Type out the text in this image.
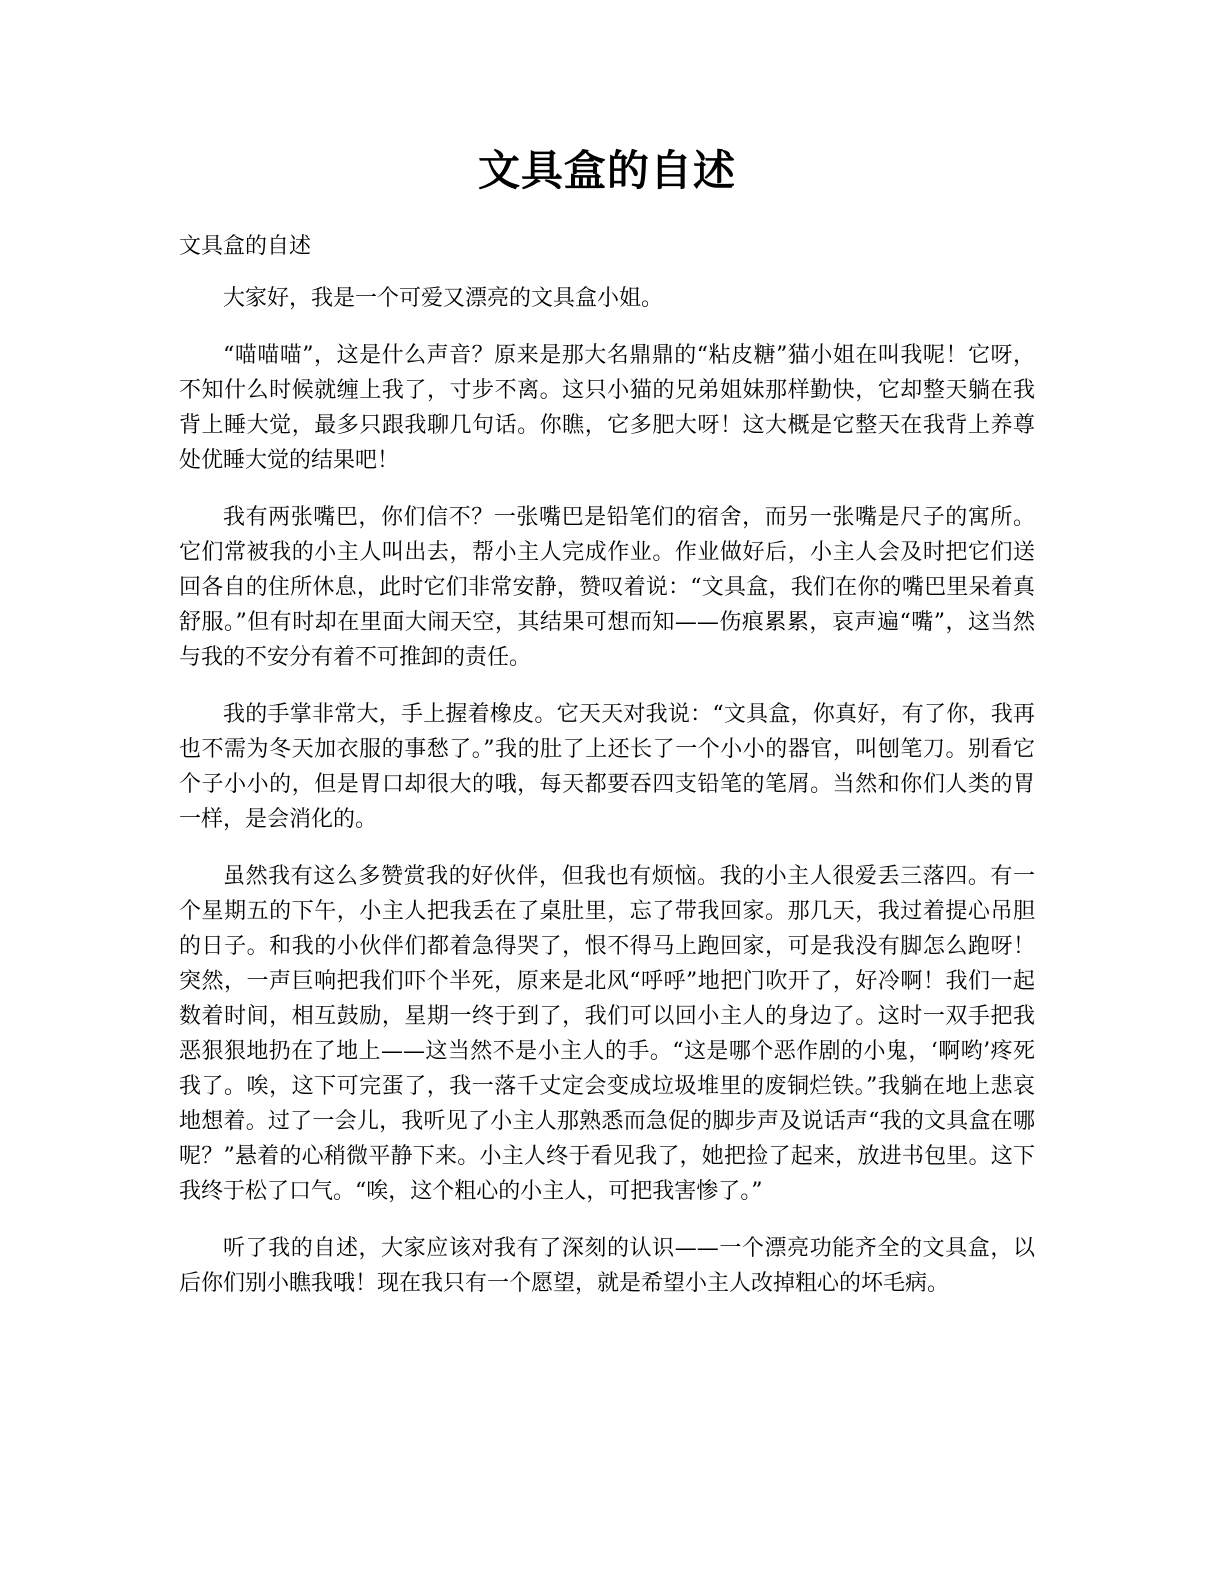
文具盒的自述

文具盒的自述

大家好，我是一个可爱又漂亮的文具盒小姐。

“喵喵喵”，这是什么声音？原来是那大名鼎鼎的“粘皮糖”猫小姐在叫我呢！它呀，不知什么时候就缠上我了，寸步不离。这只小猫的兄弟姐妹那样勤快，它却整天躺在我背上睡大觉，最多只跟我聊几句话。你瞧，它多肥大呀！这大概是它整天在我背上养尊处优睡大觉的结果吧！

我有两张嘴巴，你们信不？一张嘴巴是铅笔们的宿舍，而另一张嘴是尺子的寓所。它们常被我的小主人叫出去，帮小主人完成作业。作业做好后，小主人会及时把它们送回各自的住所休息，此时它们非常安静，赞叹着说：“文具盒，我们在你的嘴巴里呆着真舒服。”但有时却在里面大闹天空，其结果可想而知——伤痕累累，哀声遍“嘴”，这当然与我的不安分有着不可推卸的责任。

我的手掌非常大，手上握着橡皮。它天天对我说：“文具盒，你真好，有了你，我再也不需为冬天加衣服的事愁了。”我的肚了上还长了一个小小的器官，叫刨笔刀。别看它个子小小的，但是胃口却很大的哦，每天都要吞四支铅笔的笔屑。当然和你们人类的胃一样，是会消化的。

虽然我有这么多赞赏我的好伙伴，但我也有烦恼。我的小主人很爱丢三落四。有一个星期五的下午，小主人把我丢在了桌肚里，忘了带我回家。那几天，我过着提心吊胆的日子。和我的小伙伴们都着急得哭了，恨不得马上跑回家，可是我没有脚怎么跑呀！突然，一声巨响把我们吓个半死，原来是北风“呼呼”地把门吹开了，好冷啊！我们一起数着时间，相互鼓励，星期一终于到了，我们可以回小主人的身边了。这时一双手把我恶狠狠地扔在了地上——这当然不是小主人的手。“这是哪个恶作剧的小鬼，‘啊哟’疼死我了。唉，这下可完蛋了，我一落千丈定会变成垃圾堆里的废铜烂铁。”我躺在地上悲哀地想着。过了一会儿，我听见了小主人那熟悉而急促的脚步声及说话声“我的文具盒在哪呢？”悬着的心稍微平静下来。小主人终于看见我了，她把捡了起来，放进书包里。这下我终于松了口气。“唉，这个粗心的小主人，可把我害惨了。”

听了我的自述，大家应该对我有了深刻的认识——一个漂亮功能齐全的文具盒，以后你们别小瞧我哦！现在我只有一个愿望，就是希望小主人改掉粗心的坏毛病。
